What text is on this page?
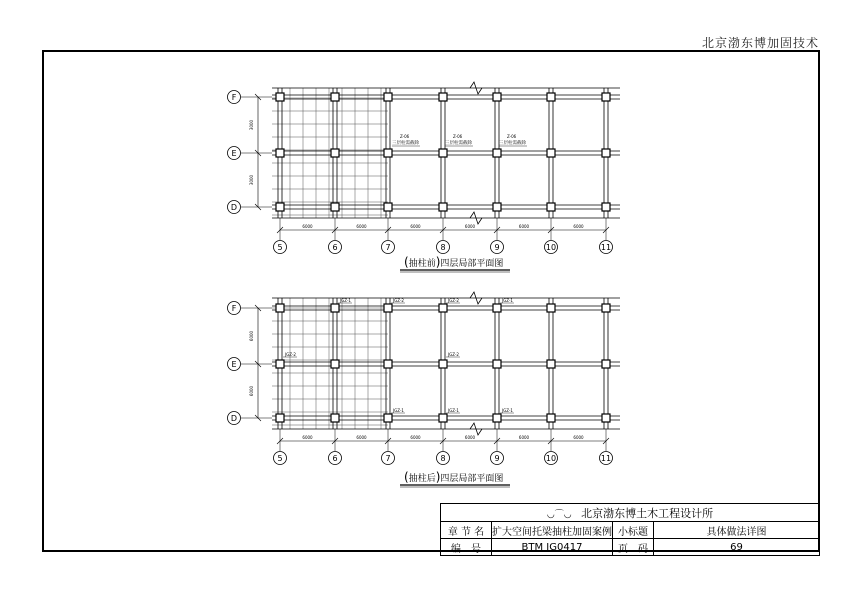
北京渤东博加固技术
F
E
D
3000
3000
5	6	7	8	9	10	11
6000	6000	6000	6000	6000	6000
Z-06
三层柱需截除
Z-06
三层柱需截除
Z-06
三层柱需截除
(抽柱前)四层局部平面图
F
E
D
6000
6000
5	6	7	8	9	10	11
6000	6000	6000	6000	6000	6000
JGZ-1	JGZ-2	JGZ-2	JGZ-1
JGZ-2	JGZ-2
JGZ-1	JGZ-1	JGZ-1
(抽柱后)四层局部平面图
◡⌒◡ 北京渤东博土木工程设计所			
章 节 名	扩大空间托梁抽柱加固案例	小标题	具体做法详图
编　号	BTM JG0417	页　码	69
